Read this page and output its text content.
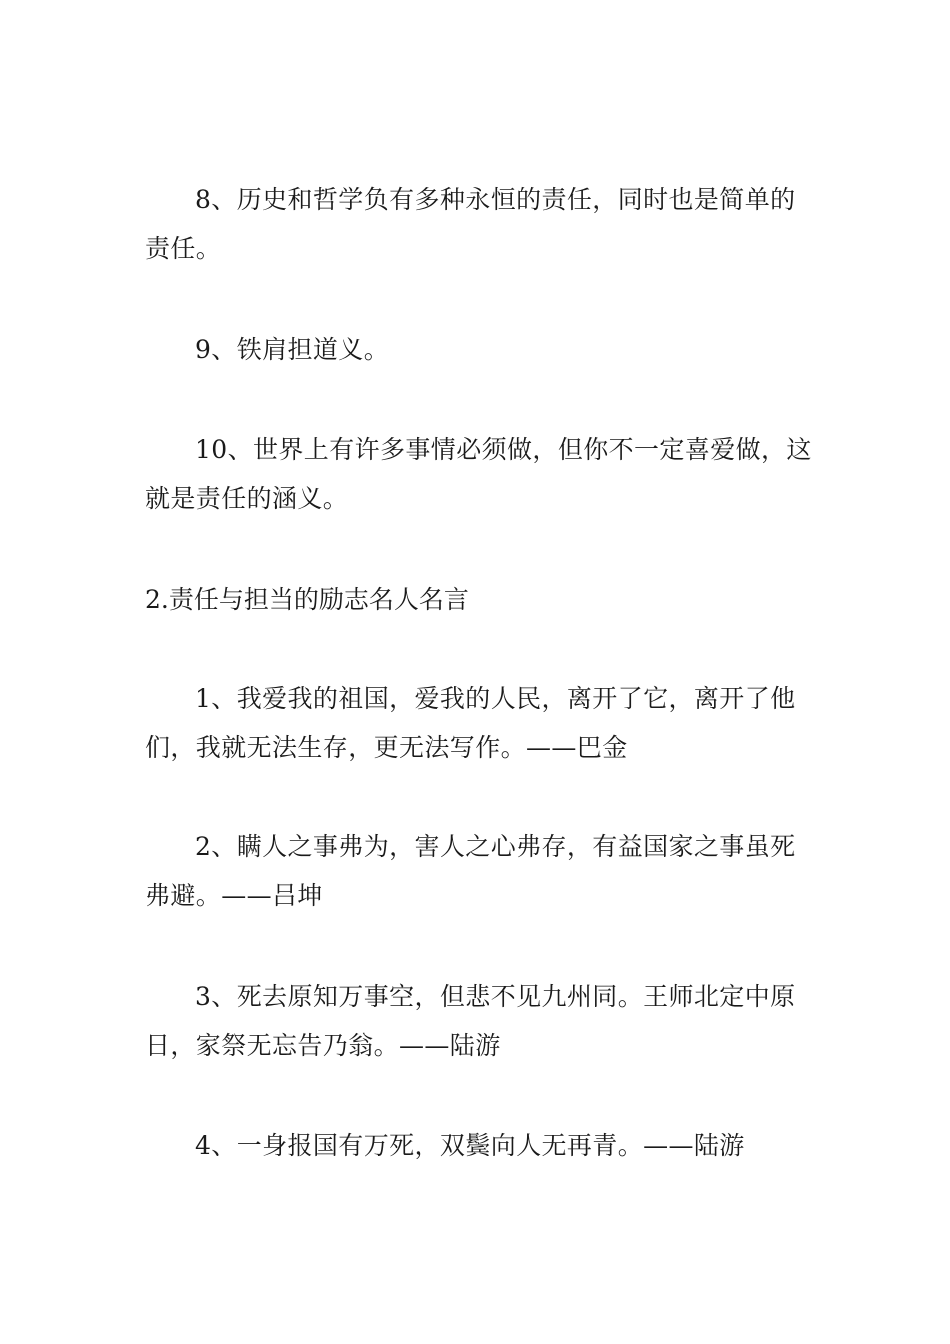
8、历史和哲学负有多种永恒的责任，同时也是简单的责任。

9、铁肩担道义。

10、世界上有许多事情必须做，但你不一定喜爱做，这就是责任的涵义。

2.责任与担当的励志名人名言

1、我爱我的祖国，爱我的人民，离开了它，离开了他们，我就无法生存，更无法写作。——巴金

2、瞒人之事弗为，害人之心弗存，有益国家之事虽死弗避。——吕坤

3、死去原知万事空，但悲不见九州同。王师北定中原日，家祭无忘告乃翁。——陆游

4、一身报国有万死，双鬓向人无再青。——陆游
